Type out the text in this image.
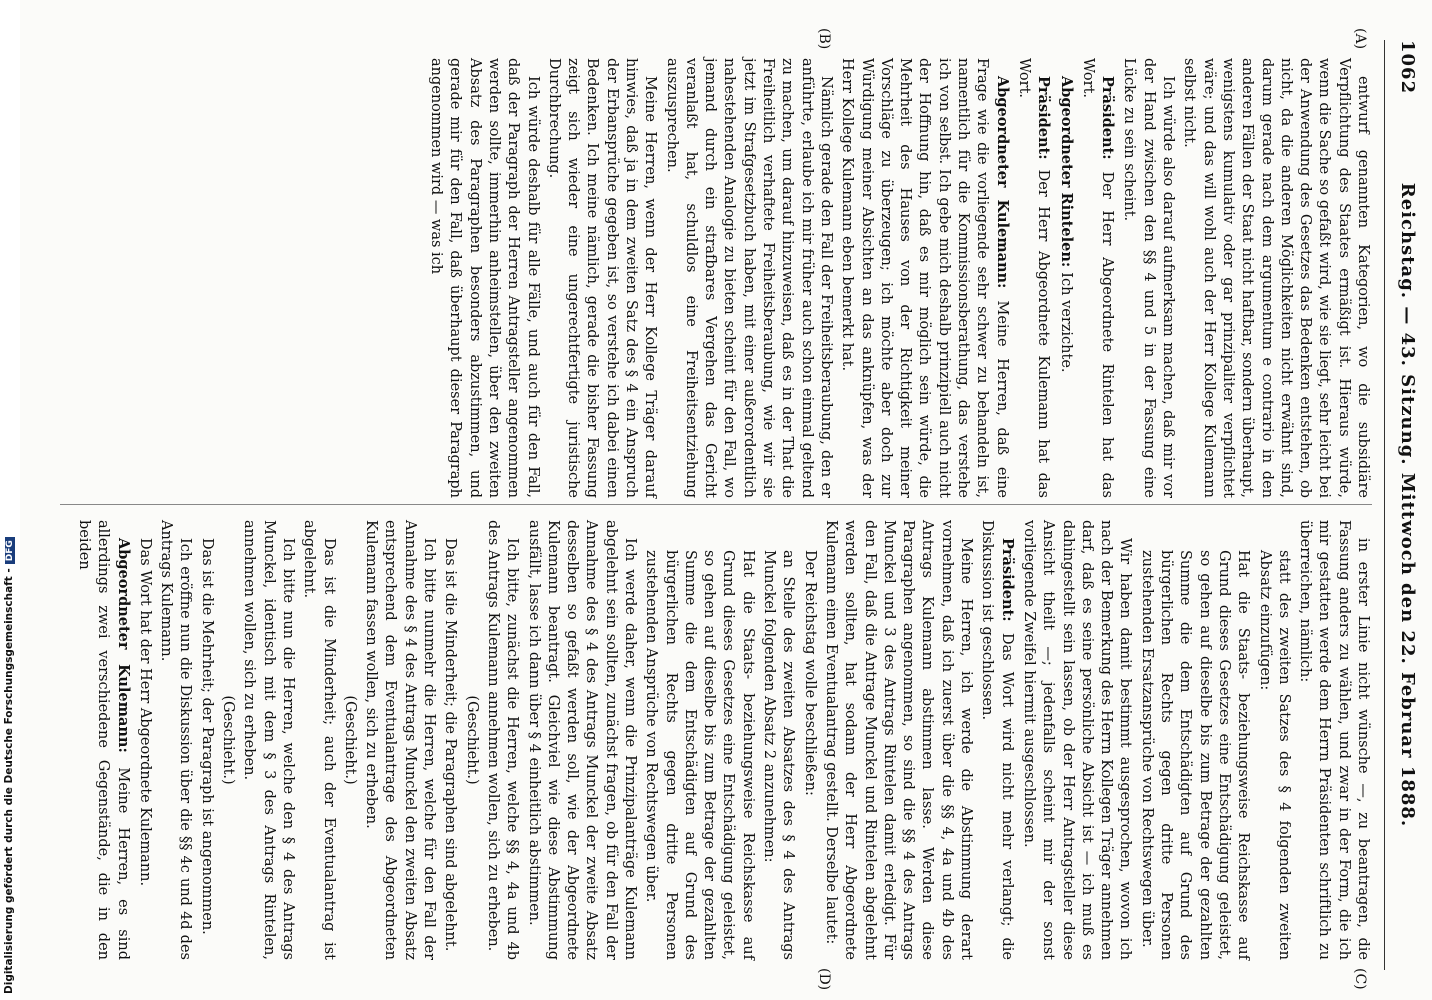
Digitalisierung gefördert durch die Deutsche Forschungsgemeinschaft -DFG
1062
Reichstag. — 43. Sitzung. Mittwoch den 22. Februar 1888.
(A)
(B)
(C)
(D)

entwurf genannten Kategorien, wo die subsidiäre Verpflichtung des Staates ermäßigt ist. Hieraus würde, wenn die Sache so gefaßt wird, wie sie liegt, sehr leicht bei der Anwendung des Gesetzes das Bedenken entstehen, ob nicht, da die anderen Möglichkeiten nicht erwähnt sind, darum gerade nach dem argumentum e contrario in den anderen Fällen der Staat nicht haftbar, sondern überhaupt, wenigstens kumulativ oder gar prinzipaliter verpflichtet wäre; und das will wohl auch der Herr Kollege Kulemann selbst nicht.

Ich würde also darauf aufmerksam machen, daß mir vor der Hand zwischen den §§ 4 und 5 in der Fassung eine Lücke zu sein scheint.

Präsident: Der Herr Abgeordnete Rintelen hat das Wort.

Abgeordneter Rintelen: Ich verzichte.

Präsident: Der Herr Abgeordnete Kulemann hat das Wort.

Abgeordneter Kulemann: Meine Herren, daß eine Frage wie die vorliegende sehr schwer zu behandeln ist, namentlich für die Kommissionsberathung, das verstehe ich von selbst. Ich gebe mich deshalb prinzipiell auch nicht der Hoffnung hin, daß es mir möglich sein würde, die Mehrheit des Hauses von der Richtigkeit meiner Vorschläge zu überzeugen; ich möchte aber doch zur Würdigung meiner Absichten an das anknüpfen, was der Herr Kollege Kulemann eben bemerkt hat.

Nämlich gerade den Fall der Freiheitsberaubung, den er anführte, erlaube ich mir früher auch schon einmal geltend zu machen, um darauf hinzuweisen, daß es in der That die Freiheitlich verhaftete Freiheitsberaubung, wie wir sie jetzt im Strafgesetzbuch haben, mit einer außerordentlich nahestehenden Analogie zu bieten scheint für den Fall, wo jemand durch ein strafbares Vergehen das Gericht veranlaßt hat, schuldlos eine Freiheitsentziehung auszusprechen.

Meine Herren, wenn der Herr Kollege Träger darauf hinwies, daß ja in dem zweiten Satz des § 4 ein Anspruch der Erbansprüche gegeben ist, so verstehe ich dabei einen Bedenken. Ich meine nämlich, gerade die bisher Fassung zeigt sich wieder eine ungerechtfertigte juristische Durchbrechung.

Ich würde deshalb für alle Fälle, und auch für den Fall, daß der Paragraph der Herren Antragsteller angenommen werden sollte, immerhin anheimstellen, über den zweiten Absatz des Paragraphen besonders abzustimmen, und gerade mir für den Fall, daß überhaupt dieser Paragraph angenommen wird — was ich

in erster Linie nicht wünsche —, zu beantragen, die Fassung anders zu wählen, und zwar in der Form, die ich mir gestatten werde dem Herrn Präsidenten schriftlich zu überreichen, nämlich:

statt des zweiten Satzes des § 4 folgenden zweiten Absatz einzufügen:

Hat die Staats- beziehungsweise Reichskasse auf Grund dieses Gesetzes eine Entschädigung geleistet, so gehen auf dieselbe bis zum Betrage der gezahlten Summe die dem Entschädigten auf Grund des bürgerlichen Rechts gegen dritte Personen zustehenden Ersatzansprüche von Rechtswegen über.

Wir haben damit bestimmt ausgesprochen, wovon ich nach der Bemerkung des Herrn Kollegen Träger annehmen darf, daß es seine persönliche Absicht ist — ich muß es dahingestellt sein lassen, ob der Herr Antragsteller diese Ansicht theilt —; jedenfalls scheint mir der sonst vorliegende Zweifel hiermit ausgeschlossen.

Präsident: Das Wort wird nicht mehr verlangt; die Diskussion ist geschlossen.

Meine Herren, ich werde die Abstimmung derart vornehmen, daß ich zuerst über die §§ 4, 4a und 4b des Antrags Kulemann abstimmen lasse. Werden diese Paragraphen angenommen, so sind die §§ 4 des Antrags Munckel und 3 des Antrags Rintelen damit erledigt. Für den Fall, daß die Antrage Munckel und Rintelen abgelehnt werden sollten, hat sodann der Herr Abgeordnete Kulemann einen Eventualantrag gestellt. Derselbe lautet:

Der Reichstag wolle beschließen:

an Stelle des zweiten Absatzes des § 4 des Antrags Munckel folgenden Absatz 2 anzunehmen:

Hat die Staats- beziehungsweise Reichskasse auf Grund dieses Gesetzes eine Entschädigung geleistet, so gehen auf dieselbe bis zum Betrage der gezahlten Summe die dem Entschädigten auf Grund des bürgerlichen Rechts gegen dritte Personen zustehenden Ansprüche von Rechtswegen über.

Ich werde daher, wenn die Prinzipalanträge Kulemann abgelehnt sein sollten, zunächst fragen, ob für den Fall der Annahme des § 4 des Antrags Munckel der zweite Absatz desselben so gefaßt werden soll, wie der Abgeordnete Kulemann beantragt. Gleichviel wie diese Abstimmung ausfällt, lasse ich dann über § 4 einheitlich abstimmen.

Ich bitte, zunächst die Herren, welche §§ 4, 4a und 4b des Antrags Kulemann annehmen wollen, sich zu erheben.

(Geschieht.)

Das ist die Minderheit; die Paragraphen sind abgelehnt.

Ich bitte nunmehr die Herren, welche für den Fall der Annahme des § 4 des Antrags Munckel den zweiten Absatz entsprechend dem Eventualantrage des Abgeordneten Kulemann fassen wollen, sich zu erheben.

(Geschieht.)

Das ist die Minderheit; auch der Eventualantrag ist abgelehnt.

Ich bitte nun die Herren, welche den § 4 des Antrags Munckel, identisch mit dem § 3 des Antrags Rintelen, annehmen wollen, sich zu erheben.

(Geschieht.)

Das ist die Mehrheit; der Paragraph ist angenommen.

Ich eröffne nun die Diskussion über die §§ 4c und 4d des Antrags Kulemann.

Das Wort hat der Herr Abgeordnete Kulemann.

Abgeordneter Kulemann: Meine Herren, es sind allerdings zwei verschiedene Gegenstände, die in den beiden
